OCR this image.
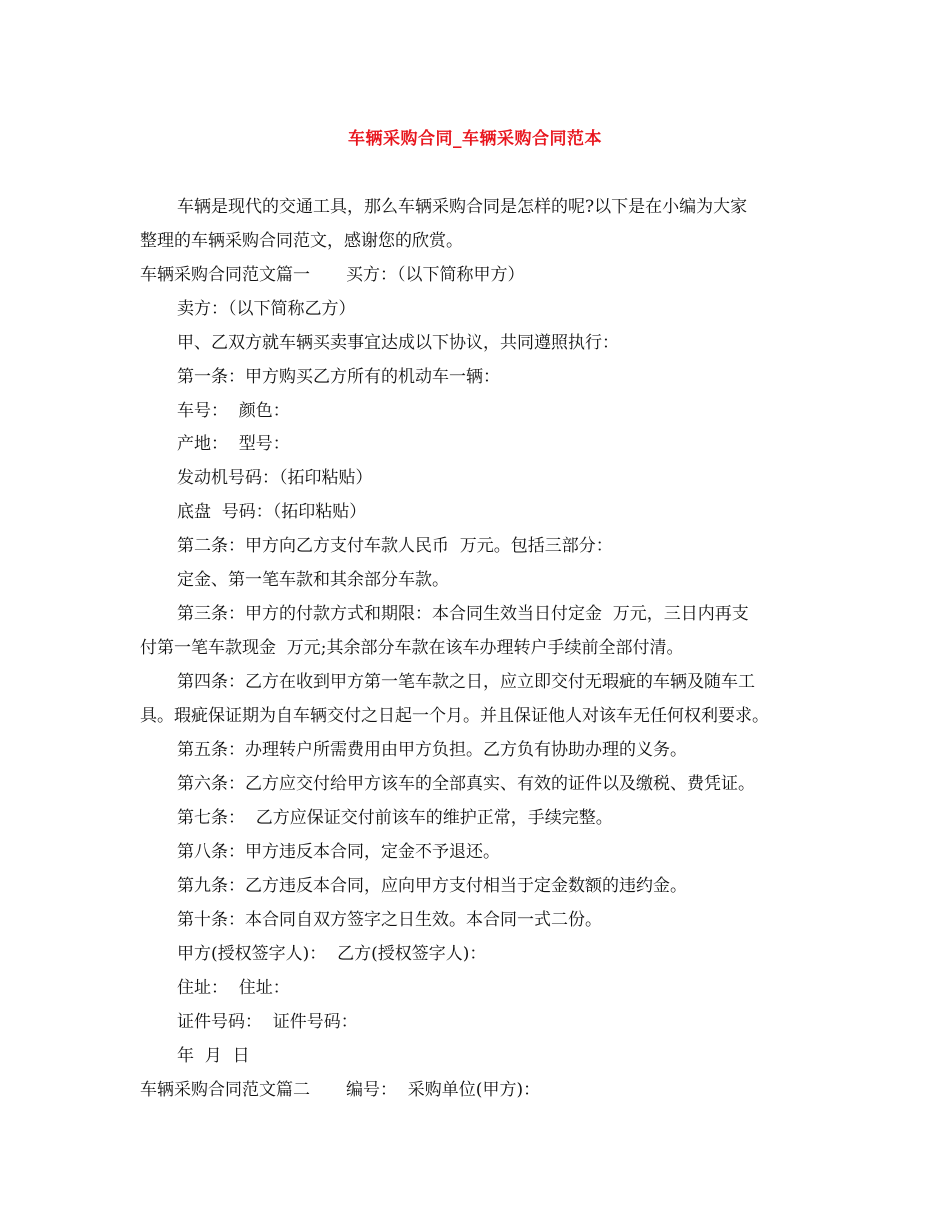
车辆采购合同_车辆采购合同范本
车辆是现代的交通工具，那么车辆采购合同是怎样的呢?以下是在小编为大家
整理的车辆采购合同范文，感谢您的欣赏。
车辆采购合同范文篇一 买方：（以下简称甲方）
卖方：（以下简称乙方）
甲、乙双方就车辆买卖事宜达成以下协议，共同遵照执行：
第一条：甲方购买乙方所有的机动车一辆：
车号：  颜色：
产地：  型号：
发动机号码：（拓印粘贴）
底盘  号码：（拓印粘贴）
第二条：甲方向乙方支付车款人民币  万元。包括三部分：
定金、第一笔车款和其余部分车款。
第三条：甲方的付款方式和期限：本合同生效当日付定金  万元，三日内再支
付第一笔车款现金  万元;其余部分车款在该车办理转户手续前全部付清。
第四条：乙方在收到甲方第一笔车款之日，应立即交付无瑕疵的车辆及随车工
具。瑕疵保证期为自车辆交付之日起一个月。并且保证他人对该车无任何权利要求。
第五条：办理转户所需费用由甲方负担。乙方负有协助办理的义务。
第六条：乙方应交付给甲方该车的全部真实、有效的证件以及缴税、费凭证。
第七条：  乙方应保证交付前该车的维护正常，手续完整。
第八条：甲方违反本合同，定金不予退还。
第九条：乙方违反本合同，应向甲方支付相当于定金数额的违约金。
第十条：本合同自双方签字之日生效。本合同一式二份。
甲方(授权签字人)：  乙方(授权签字人)：
住址：  住址：
证件号码：  证件号码：
年  月  日
车辆采购合同范文篇二 编号：  采购单位(甲方)：
